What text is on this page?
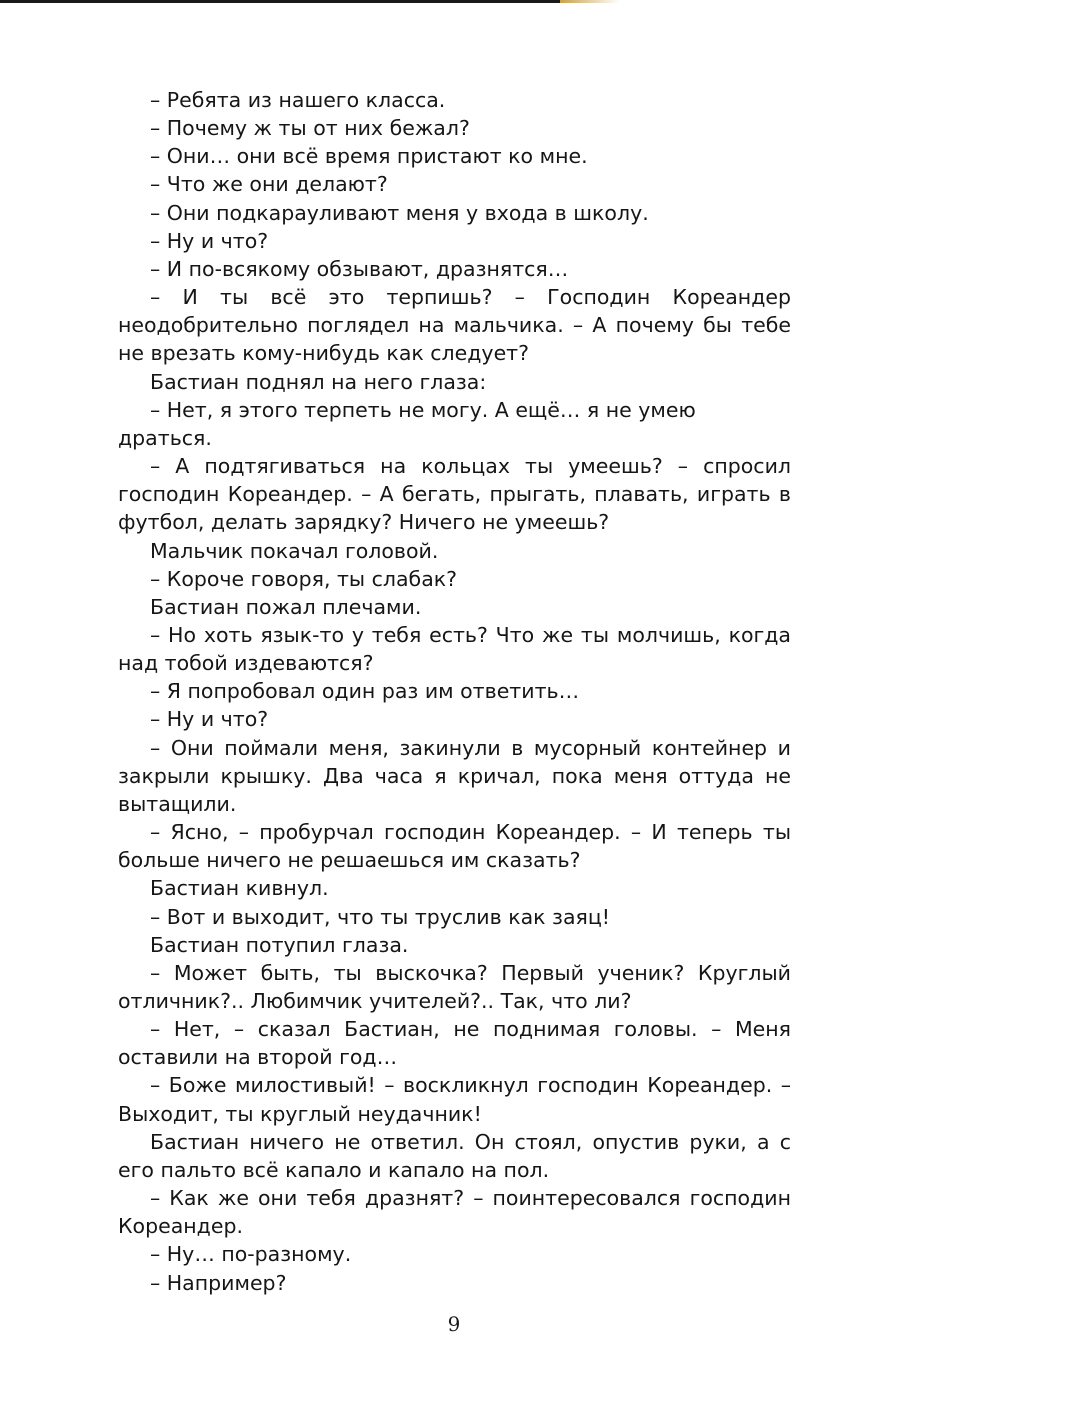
– Ребята из нашего класса.

– Почему ж ты от них бежал?

– Они… они всё время пристают ко мне.

– Что же они делают?

– Они подкарауливают меня у входа в школу.

– Ну и что?

– И по-всякому обзывают, дразнятся…

– И ты всё это терпишь? – Господин Кореандер неодобрительно поглядел на мальчика. – А почему бы тебе не врезать кому-нибудь как следует?

Бастиан поднял на него глаза:

– Нет, я этого терпеть не могу. А ещё… я не умею драться.

– А подтягиваться на кольцах ты умеешь? – спросил господин Кореандер. – А бегать, прыгать, плавать, играть в футбол, делать зарядку? Ничего не умеешь?

Мальчик покачал головой.

– Короче говоря, ты слабак?

Бастиан пожал плечами.

– Но хоть язык-то у тебя есть? Что же ты молчишь, когда над тобой издеваются?

– Я попробовал один раз им ответить…

– Ну и что?

– Они поймали меня, закинули в мусорный контейнер и закрыли крышку. Два часа я кричал, пока меня оттуда не вытащили.

– Ясно, – пробурчал господин Кореандер. – И теперь ты больше ничего не решаешься им сказать?

Бастиан кивнул.

– Вот и выходит, что ты труслив как заяц!

Бастиан потупил глаза.

– Может быть, ты выскочка? Первый ученик? Круглый отличник?.. Любимчик учителей?.. Так, что ли?

– Нет, – сказал Бастиан, не поднимая головы. – Меня оставили на второй год…

– Боже милостивый! – воскликнул господин Кореандер. – Выходит, ты круглый неудачник!

Бастиан ничего не ответил. Он стоял, опустив руки, а с его пальто всё капало и капало на пол.

– Как же они тебя дразнят? – поинтересовался господин Кореандер.

– Ну… по-разному.

– Например?

9
